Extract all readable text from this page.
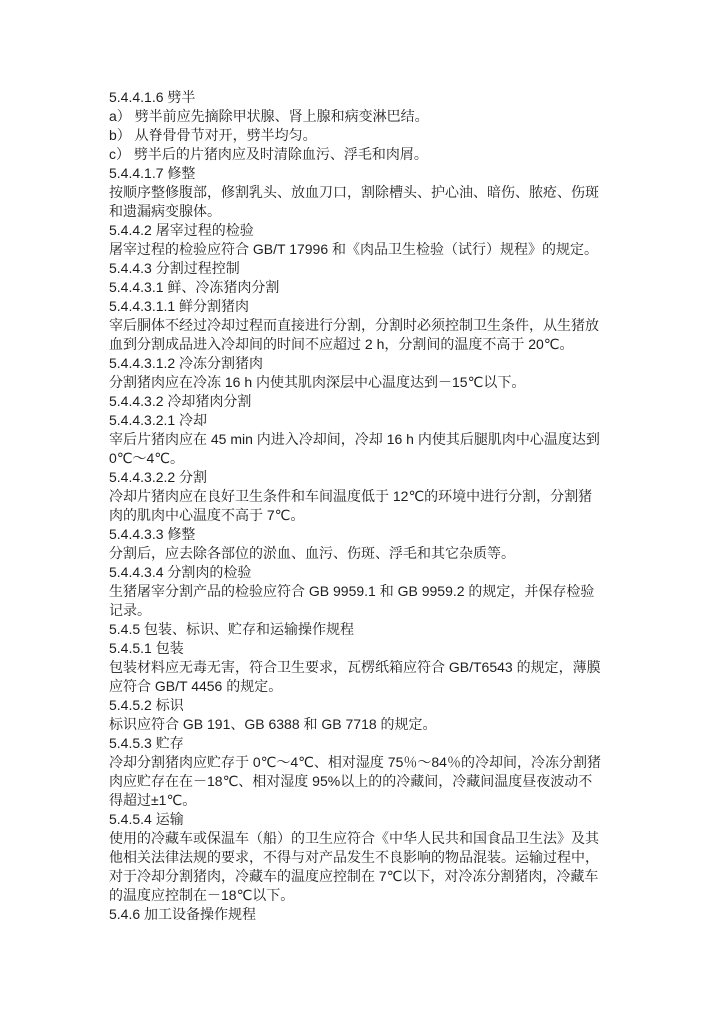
5.4.4.1.6 劈半
a） 劈半前应先摘除甲状腺、肾上腺和病变淋巴结。
b） 从脊骨骨节对开，劈半均匀。
c） 劈半后的片猪肉应及时清除血污、浮毛和肉屑。
5.4.4.1.7 修整
按顺序整修腹部，修割乳头、放血刀口，割除槽头、护心油、暗伤、脓疮、伤斑
和遗漏病变腺体。
5.4.4.2 屠宰过程的检验
屠宰过程的检验应符合 GB/T 17996 和《肉品卫生检验（试行）规程》的规定。
5.4.4.3 分割过程控制
5.4.4.3.1 鲜、冷冻猪肉分割
5.4.4.3.1.1 鲜分割猪肉
宰后胴体不经过冷却过程而直接进行分割，分割时必须控制卫生条件，从生猪放
血到分割成品进入冷却间的时间不应超过 2 h，分割间的温度不高于 20℃。
5.4.4.3.1.2 冷冻分割猪肉
分割猪肉应在冷冻 16 h 内使其肌肉深层中心温度达到－15℃以下。
5.4.4.3.2 冷却猪肉分割
5.4.4.3.2.1 冷却
宰后片猪肉应在 45 min 内进入冷却间，冷却 16 h 内使其后腿肌肉中心温度达到
0℃～4℃。
5.4.4.3.2.2 分割
冷却片猪肉应在良好卫生条件和车间温度低于 12℃的环境中进行分割，分割猪
肉的肌肉中心温度不高于 7℃。
5.4.4.3.3 修整
分割后，应去除各部位的淤血、血污、伤斑、浮毛和其它杂质等。
5.4.4.3.4 分割肉的检验
生猪屠宰分割产品的检验应符合 GB 9959.1 和 GB 9959.2 的规定，并保存检验
记录。
5.4.5 包装、标识、贮存和运输操作规程
5.4.5.1 包装
包装材料应无毒无害，符合卫生要求，瓦楞纸箱应符合 GB/T6543 的规定，薄膜
应符合 GB/T 4456 的规定。
5.4.5.2 标识
标识应符合 GB 191、GB 6388 和 GB 7718 的规定。
5.4.5.3 贮存
冷却分割猪肉应贮存于 0℃～4℃、相对湿度 75％～84％的冷却间，冷冻分割猪
肉应贮存在在－18℃、相对湿度 95%以上的的冷藏间，冷藏间温度昼夜波动不
得超过±1℃。
5.4.5.4 运输
使用的冷藏车或保温车（船）的卫生应符合《中华人民共和国食品卫生法》及其
他相关法律法规的要求，不得与对产品发生不良影响的物品混装。运输过程中，
对于冷却分割猪肉，冷藏车的温度应控制在 7℃以下，对冷冻分割猪肉，冷藏车
的温度应控制在－18℃以下。
5.4.6 加工设备操作规程
